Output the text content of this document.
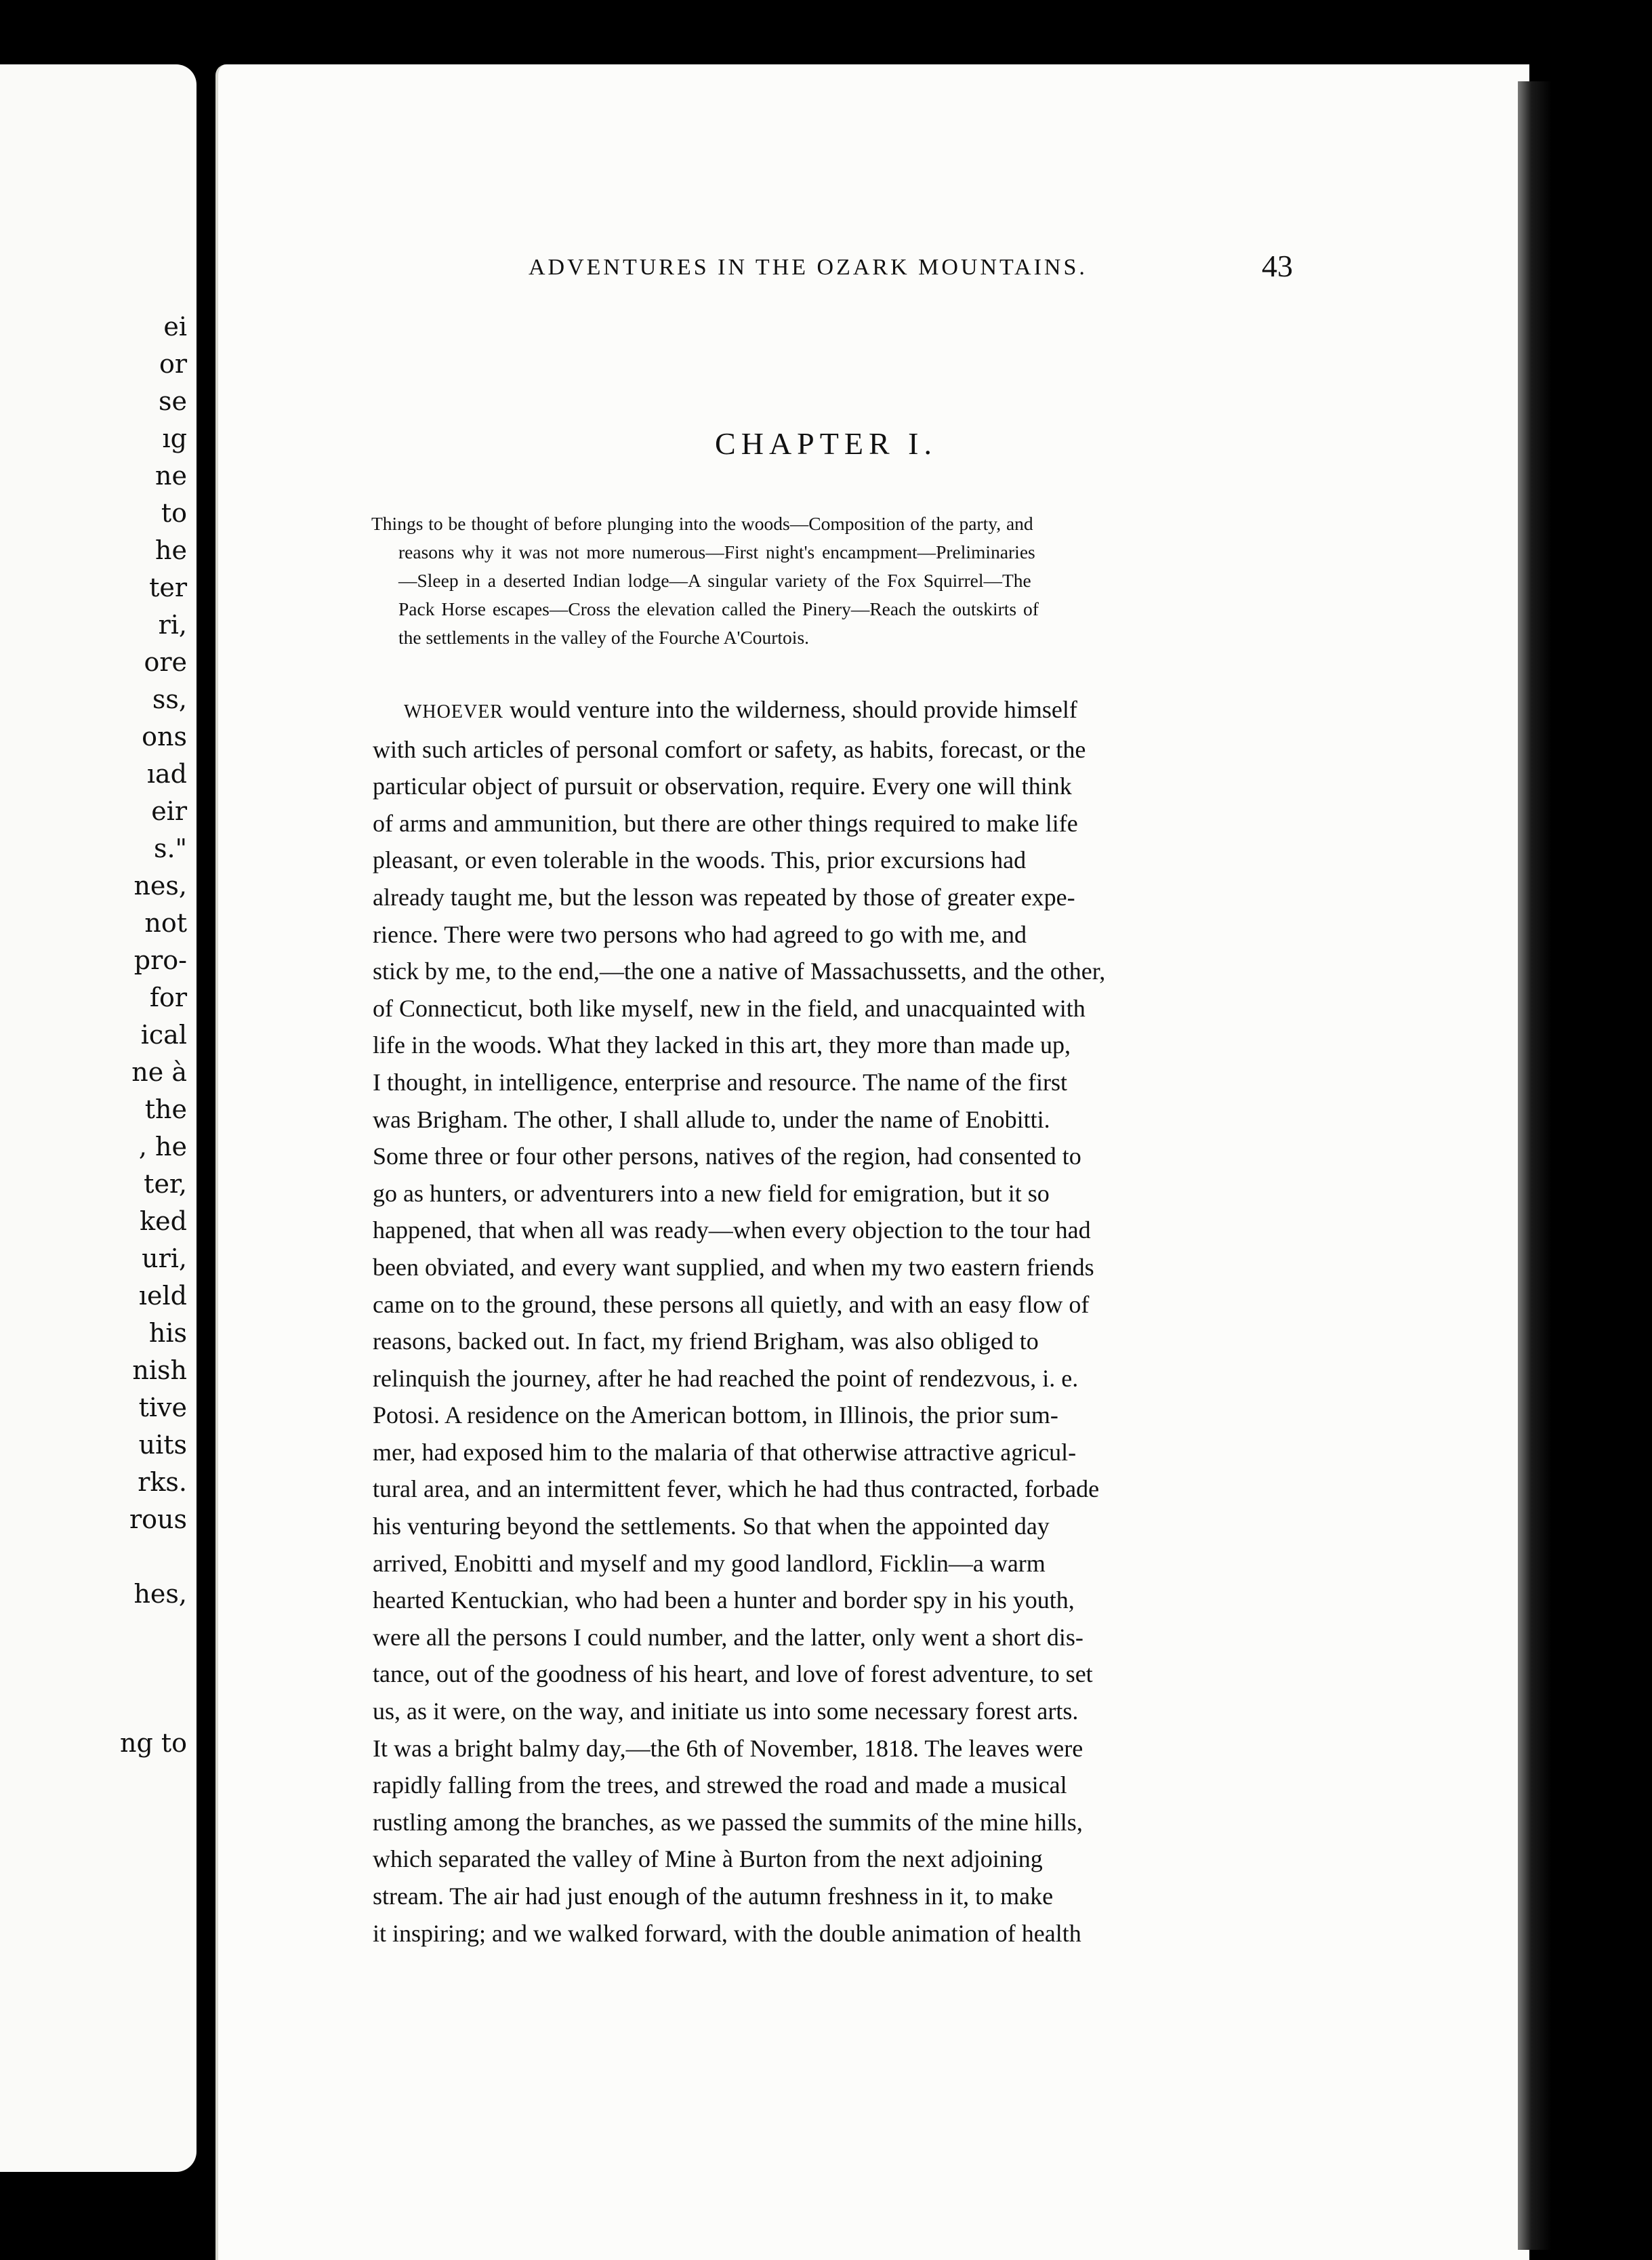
ei
or
se
ıg
ne
to
he
ter
ri,
ore
ss,
ons
ıad
eir
s."
nes,
not
pro-
for
ical
ne à
the
, he
ter,
ked
uri,
ıeld
his
nish
tive
uits
rks.
rous
hes,
ng to
ADVENTURES IN THE OZARK MOUNTAINS.	43
CHAPTER I.
Things to be thought of before plunging into the woods—Composition of the party, and
reasons why it was not more numerous—First night's encampment—Preliminaries
—Sleep in a deserted Indian lodge—A singular variety of the Fox Squirrel—The
Pack Horse escapes—Cross the elevation called the Pinery—Reach the outskirts of
the settlements in the valley of the Fourche A'Courtois.
WHOEVER would venture into the wilderness, should provide himself
with such articles of personal comfort or safety, as habits, forecast, or the
particular object of pursuit or observation, require. Every one will think
of arms and ammunition, but there are other things required to make life
pleasant, or even tolerable in the woods. This, prior excursions had
already taught me, but the lesson was repeated by those of greater expe-
rience. There were two persons who had agreed to go with me, and
stick by me, to the end,—the one a native of Massachussetts, and the other,
of Connecticut, both like myself, new in the field, and unacquainted with
life in the woods. What they lacked in this art, they more than made up,
I thought, in intelligence, enterprise and resource. The name of the first
was Brigham. The other, I shall allude to, under the name of Enobitti.
Some three or four other persons, natives of the region, had consented to
go as hunters, or adventurers into a new field for emigration, but it so
happened, that when all was ready—when every objection to the tour had
been obviated, and every want supplied, and when my two eastern friends
came on to the ground, these persons all quietly, and with an easy flow of
reasons, backed out. In fact, my friend Brigham, was also obliged to
relinquish the journey, after he had reached the point of rendezvous, i. e.
Potosi. A residence on the American bottom, in Illinois, the prior sum-
mer, had exposed him to the malaria of that otherwise attractive agricul-
tural area, and an intermittent fever, which he had thus contracted, forbade
his venturing beyond the settlements. So that when the appointed day
arrived, Enobitti and myself and my good landlord, Ficklin—a warm
hearted Kentuckian, who had been a hunter and border spy in his youth,
were all the persons I could number, and the latter, only went a short dis-
tance, out of the goodness of his heart, and love of forest adventure, to set
us, as it were, on the way, and initiate us into some necessary forest arts.
It was a bright balmy day,—the 6th of November, 1818. The leaves were
rapidly falling from the trees, and strewed the road and made a musical
rustling among the branches, as we passed the summits of the mine hills,
which separated the valley of Mine à Burton from the next adjoining
stream. The air had just enough of the autumn freshness in it, to make
it inspiring; and we walked forward, with the double animation of health
